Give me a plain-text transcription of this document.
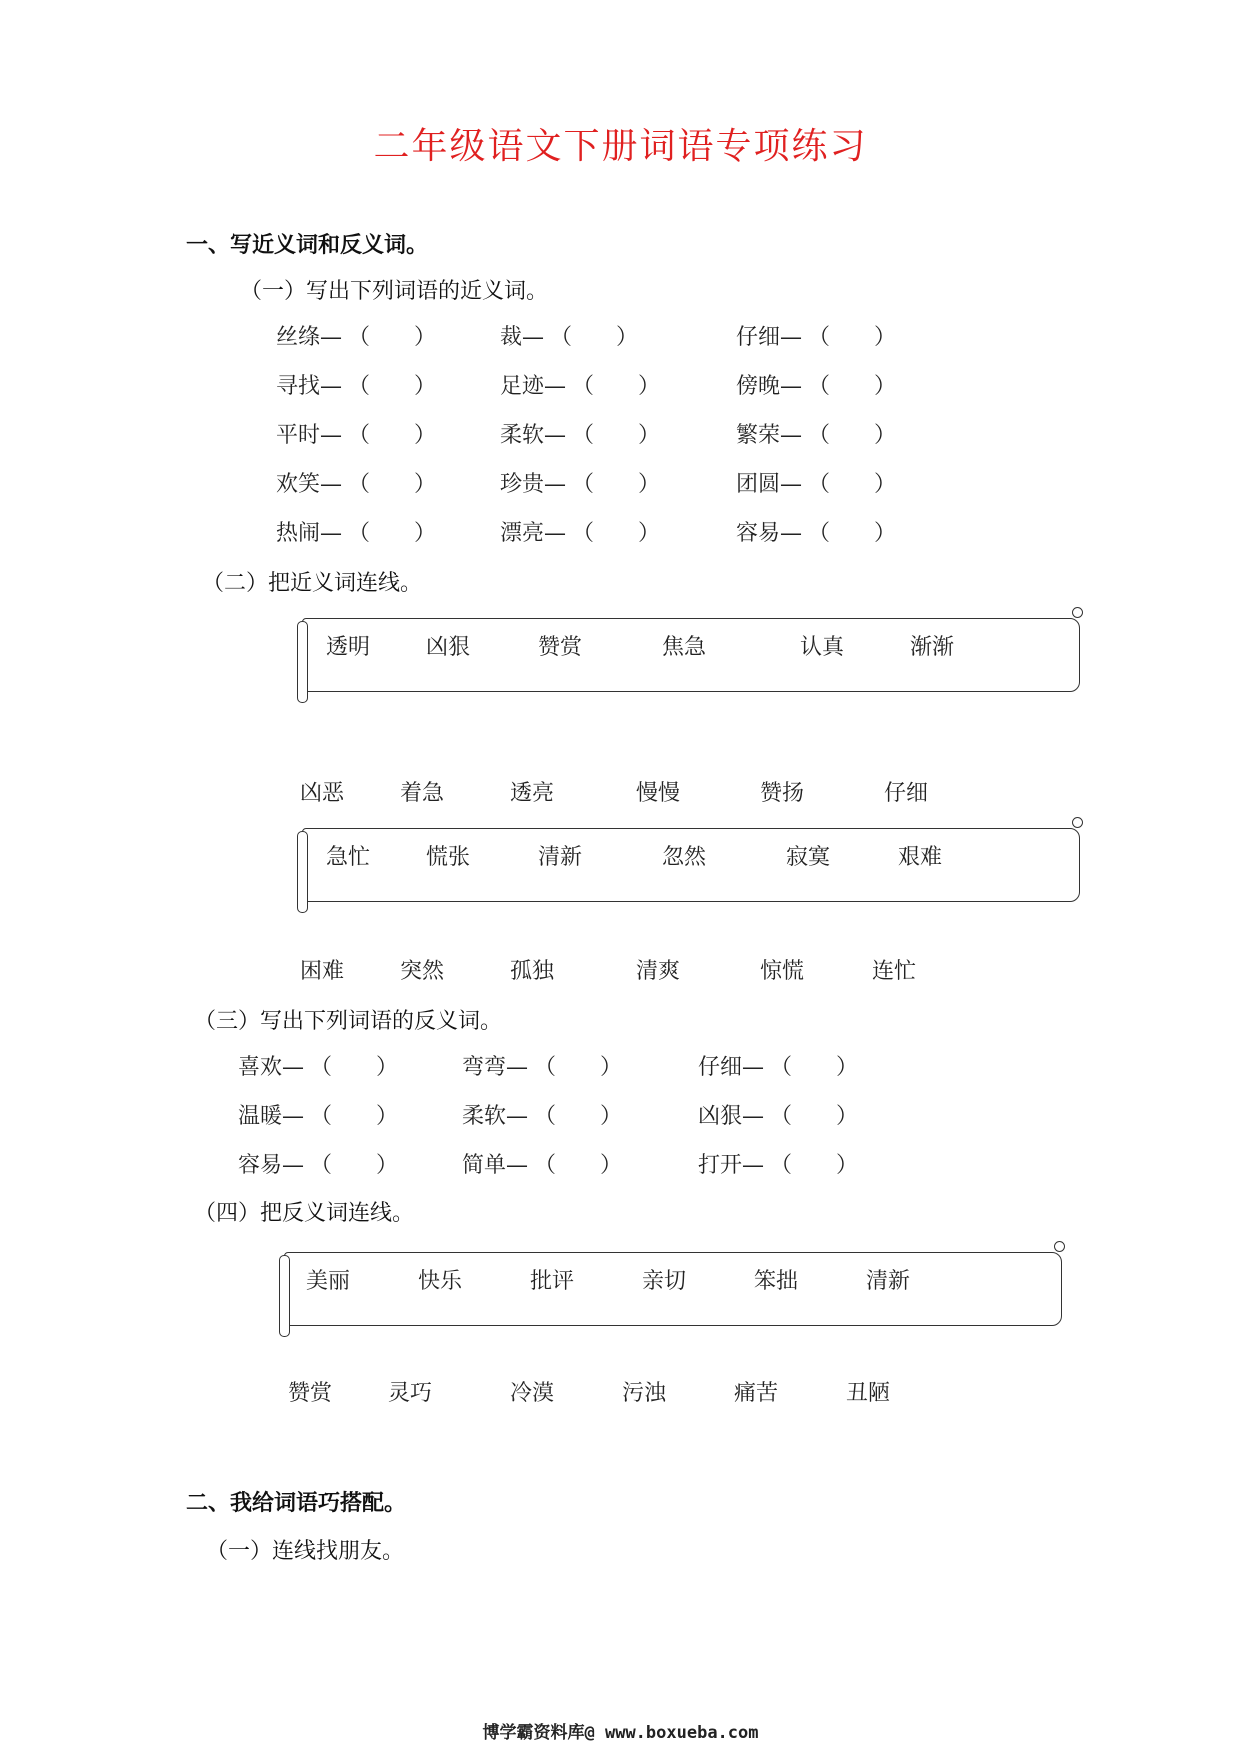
二年级语文下册词语专项练习
一、写近义词和反义词。
（一）写出下列词语的近义词。
丝绦— （　　）	裁— （　　）	仔细— （　　）
寻找— （　　）	足迹— （　　）	傍晚— （　　）
平时— （　　）	柔软— （　　）	繁荣— （　　）
欢笑— （　　）	珍贵— （　　）	团圆— （　　）
热闹— （　　）	漂亮— （　　）	容易— （　　）
（二）把近义词连线。
透明	凶狠	赞赏	焦急	认真	渐渐
凶恶	着急	透亮	慢慢	赞扬	仔细
急忙	慌张	清新	忽然	寂寞	艰难
困难	突然	孤独	清爽	惊慌	连忙
（三）写出下列词语的反义词。
喜欢— （　　）	弯弯— （　　）	仔细— （　　）
温暖— （　　）	柔软— （　　）	凶狠— （　　）
容易— （　　）	简单— （　　）	打开— （　　）
（四）把反义词连线。
美丽	快乐	批评	亲切	笨拙	清新
赞赏	灵巧	冷漠	污浊	痛苦	丑陋
二、我给词语巧搭配。
（一）连线找朋友。
博学霸资料库@ www.boxueba.com
